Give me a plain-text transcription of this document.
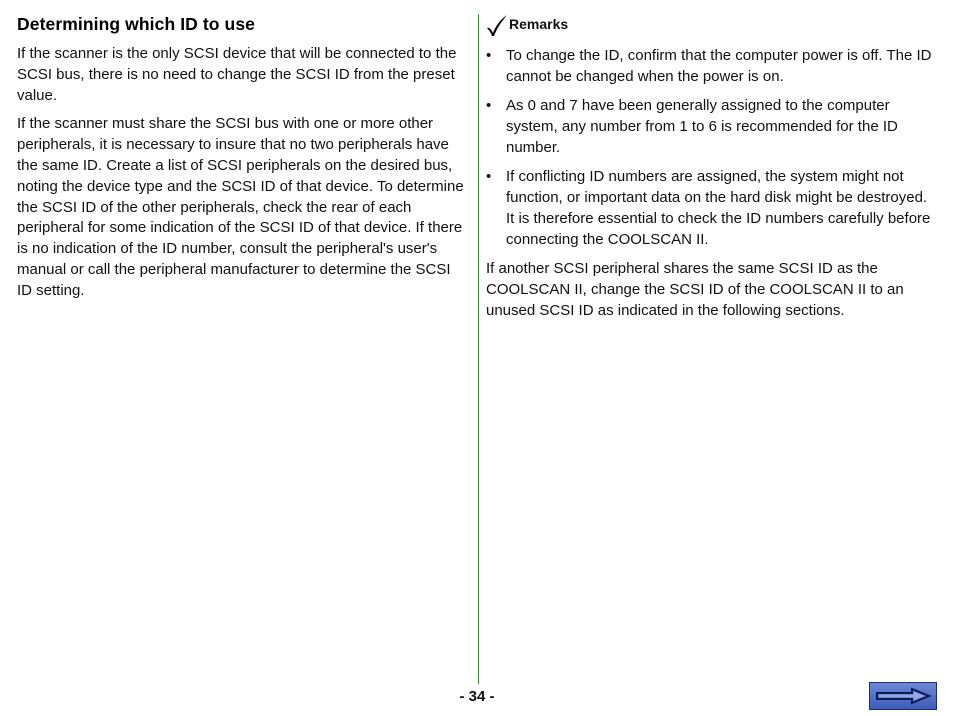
Determining which ID to use

If the scanner is the only SCSI device that will be connected to the SCSI bus, there is no need to change the SCSI ID from the preset value.

If the scanner must share the SCSI bus with one or more other peripherals, it is necessary to insure that no two peripherals have the same ID. Create a list of SCSI peripherals on the desired bus, noting the device type and the SCSI ID of that device. To determine the SCSI ID of the other peripherals, check the rear of each peripheral for some indication of the SCSI ID of that device. If there is no indication of the ID number, consult the peripheral's user's manual or call the peripheral manufacturer to determine the SCSI ID setting.

Remarks
• To change the ID, confirm that the computer power is off. The ID cannot be changed when the power is on.
• As 0 and 7 have been generally assigned to the computer system, any number from 1 to 6 is recommended for the ID number.
• If conflicting ID numbers are assigned, the system might not function, or important data on the hard disk might be destroyed. It is therefore essential to check the ID numbers carefully before connecting the COOLSCAN II.

If another SCSI peripheral shares the same SCSI ID as the COOLSCAN II, change the SCSI ID of the COOLSCAN II to an unused SCSI ID as indicated in the following sections.

- 34 -
